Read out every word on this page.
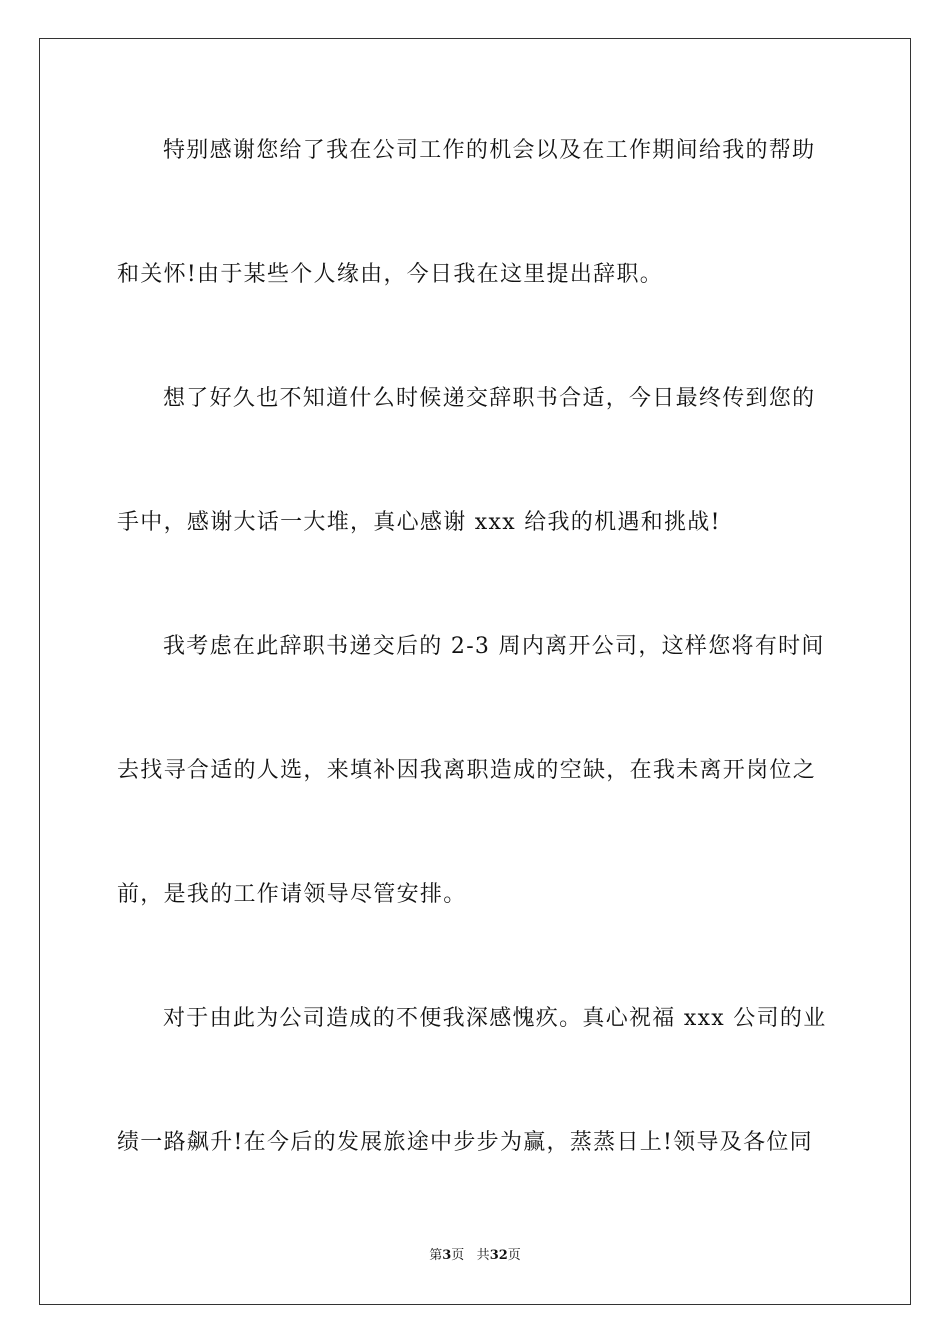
特别感谢您给了我在公司工作的机会以及在工作期间给我的帮助
和关怀!由于某些个人缘由，今日我在这里提出辞职。
想了好久也不知道什么时候递交辞职书合适，今日最终传到您的
手中，感谢大话一大堆，真心感谢 xxx 给我的机遇和挑战!
我考虑在此辞职书递交后的 2-3 周内离开公司，这样您将有时间
去找寻合适的人选，来填补因我离职造成的空缺，在我未离开岗位之
前，是我的工作请领导尽管安排。
对于由此为公司造成的不便我深感愧疚。真心祝福 xxx 公司的业
绩一路飙升!在今后的发展旅途中步步为赢，蒸蒸日上!领导及各位同
第3页 共32页
